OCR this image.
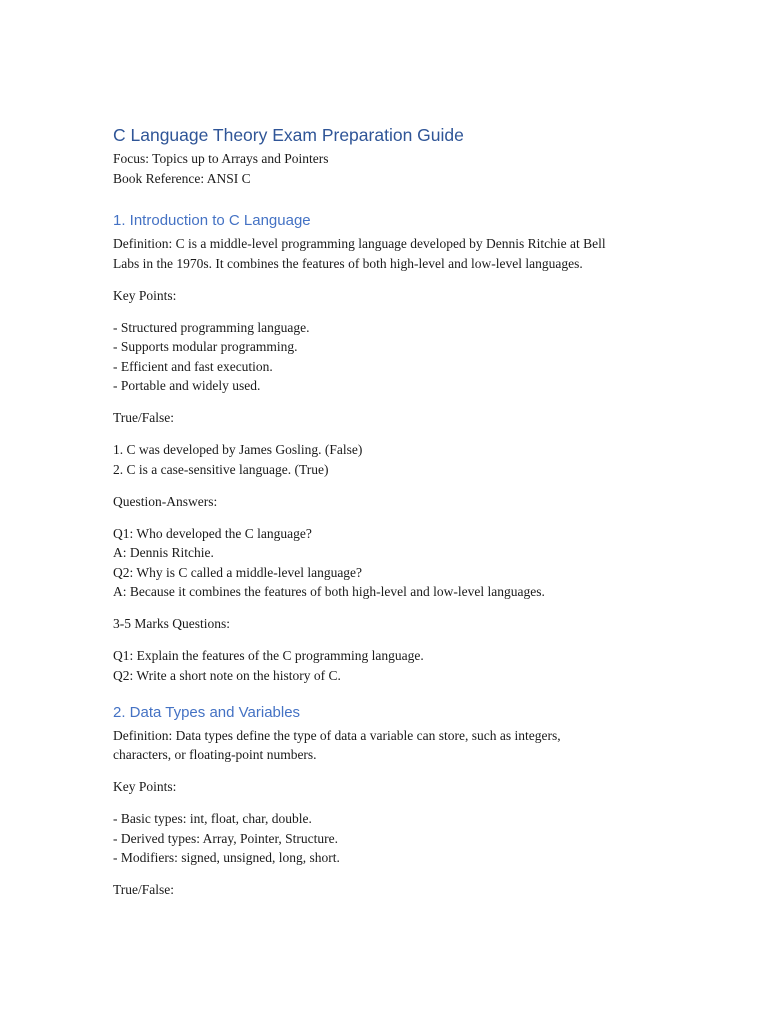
C Language Theory Exam Preparation Guide

Focus: Topics up to Arrays and Pointers

Book Reference: ANSI C

1. Introduction to C Language

Definition: C is a middle-level programming language developed by Dennis Ritchie at Bell
Labs in the 1970s. It combines the features of both high-level and low-level languages.

Key Points:

- Structured programming language.
- Supports modular programming.
- Efficient and fast execution.
- Portable and widely used.

True/False:

1. C was developed by James Gosling. (False)
2. C is a case-sensitive language. (True)

Question-Answers:

Q1: Who developed the C language?
A: Dennis Ritchie.
Q2: Why is C called a middle-level language?
A: Because it combines the features of both high-level and low-level languages.

3-5 Marks Questions:

Q1: Explain the features of the C programming language.
Q2: Write a short note on the history of C.

2. Data Types and Variables

Definition: Data types define the type of data a variable can store, such as integers,
characters, or floating-point numbers.

Key Points:

- Basic types: int, float, char, double.
- Derived types: Array, Pointer, Structure.
- Modifiers: signed, unsigned, long, short.

True/False:
